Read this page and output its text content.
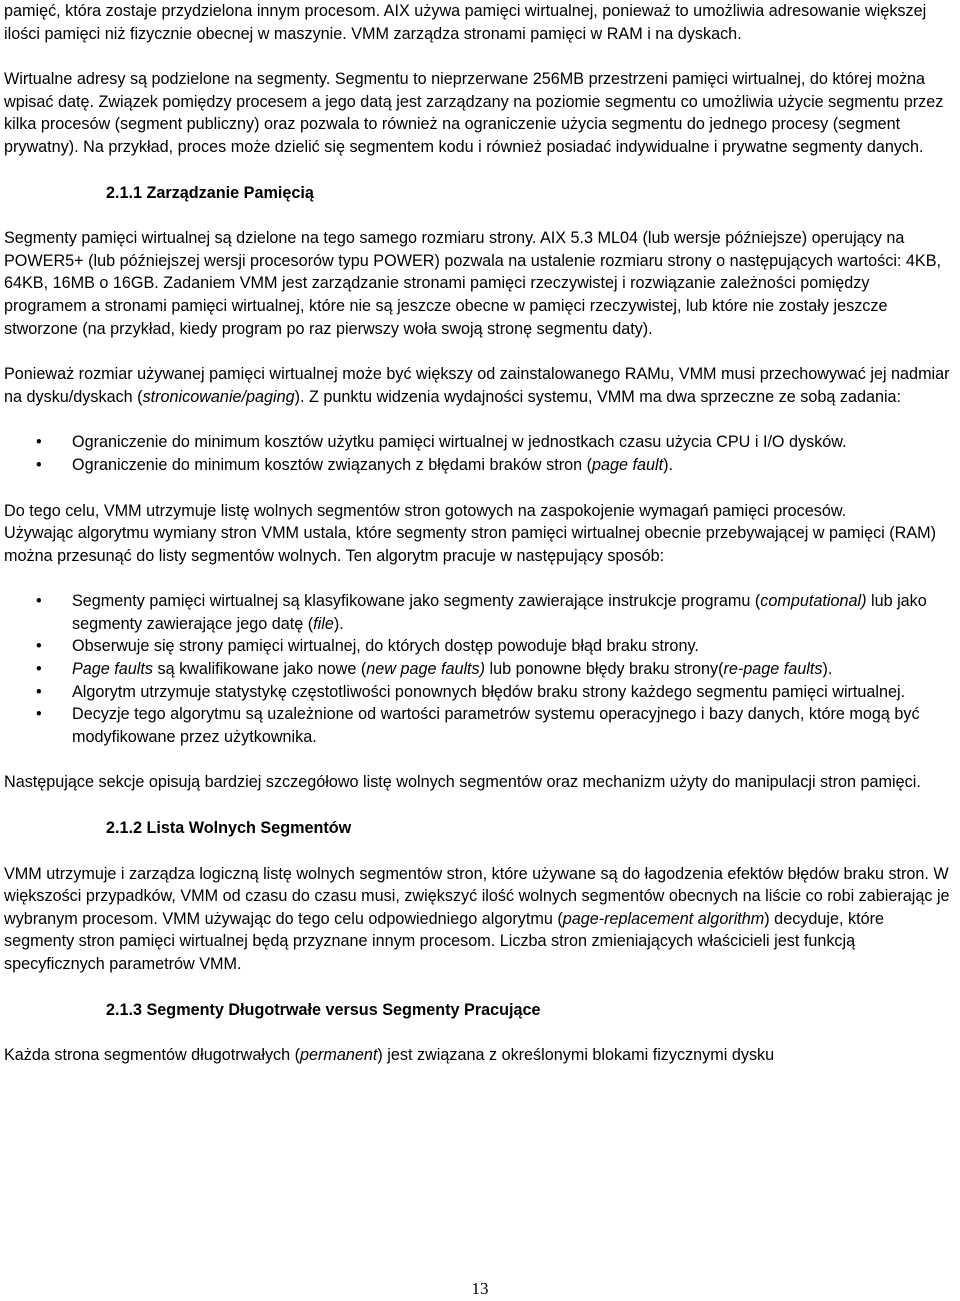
pamięć, która zostaje przydzielona innym procesom. AIX używa pamięci wirtualnej, ponieważ to umożliwia adresowanie większej ilości pamięci niż fizycznie obecnej w maszynie. VMM zarządza stronami pamięci w RAM i na dyskach.

Wirtualne adresy są podzielone na segmenty. Segmentu to nieprzerwane 256MB przestrzeni pamięci wirtualnej, do której można wpisać datę. Związek pomiędzy procesem a jego datą jest zarządzany na poziomie segmentu co umożliwia użycie segmentu przez kilka procesów (segment publiczny) oraz pozwala to również na ograniczenie użycia segmentu do jednego procesy (segment prywatny). Na przykład, proces może dzielić się segmentem kodu i również posiadać indywidualne i prywatne segmenty danych.

2.1.1 Zarządzanie Pamięcią

Segmenty pamięci wirtualnej są dzielone na tego samego rozmiaru strony. AIX 5.3 ML04 (lub wersje późniejsze) operujący na POWER5+ (lub późniejszej wersji procesorów typu POWER) pozwala na ustalenie rozmiaru strony o następujących wartości: 4KB, 64KB, 16MB o 16GB. Zadaniem VMM jest zarządzanie stronami pamięci rzeczywistej i rozwiązanie zależności pomiędzy programem a stronami pamięci wirtualnej, które nie są jeszcze obecne w pamięci rzeczywistej, lub które nie zostały jeszcze stworzone (na przykład, kiedy program po raz pierwszy woła swoją stronę segmentu daty).

Ponieważ rozmiar używanej pamięci wirtualnej może być większy od zainstalowanego RAMu, VMM musi przechowywać jej nadmiar na dysku/dyskach (stronicowanie/paging). Z punktu widzenia wydajności systemu, VMM ma dwa sprzeczne ze sobą zadania:

• Ograniczenie do minimum kosztów użytku pamięci wirtualnej w jednostkach czasu użycia CPU i I/O dysków.
• Ograniczenie do minimum kosztów związanych z błędami braków stron (page fault).

Do tego celu, VMM utrzymuje listę wolnych segmentów stron gotowych na zaspokojenie wymagań pamięci procesów.

Używając algorytmu wymiany stron VMM ustala, które segmenty stron pamięci wirtualnej obecnie przebywającej w pamięci (RAM) można przesunąć do listy segmentów wolnych. Ten algorytm pracuje w następujący sposób:

• Segmenty pamięci wirtualnej są klasyfikowane jako segmenty zawierające instrukcje programu (computational) lub jako segmenty zawierające jego datę (file).
• Obserwuje się strony pamięci wirtualnej, do których dostęp powoduje błąd braku strony.
• Page faults są kwalifikowane jako nowe (new page faults) lub ponowne błędy braku strony(re-page faults).
• Algorytm utrzymuje statystykę częstotliwości ponownych błędów braku strony każdego segmentu pamięci wirtualnej.
• Decyzje tego algorytmu są uzależnione od wartości parametrów systemu operacyjnego i bazy danych, które mogą być modyfikowane przez użytkownika.

Następujące sekcje opisują bardziej szczegółowo listę wolnych segmentów oraz mechanizm użyty do manipulacji stron pamięci.

2.1.2 Lista Wolnych Segmentów

VMM utrzymuje i zarządza logiczną listę wolnych segmentów stron, które używane są do łagodzenia efektów błędów braku stron. W większości przypadków, VMM od czasu do czasu musi, zwiększyć ilość wolnych segmentów obecnych na liście co robi zabierając je wybranym procesom. VMM używając do tego celu odpowiedniego algorytmu (page-replacement algorithm) decyduje, które segmenty stron pamięci wirtualnej będą przyznane innym procesom. Liczba stron zmieniających właścicieli jest funkcją specyficznych parametrów VMM.

2.1.3 Segmenty Długotrwałe versus Segmenty Pracujące

Każda strona segmentów długotrwałych (permanent) jest związana z określonymi blokami fizycznymi dysku

13
